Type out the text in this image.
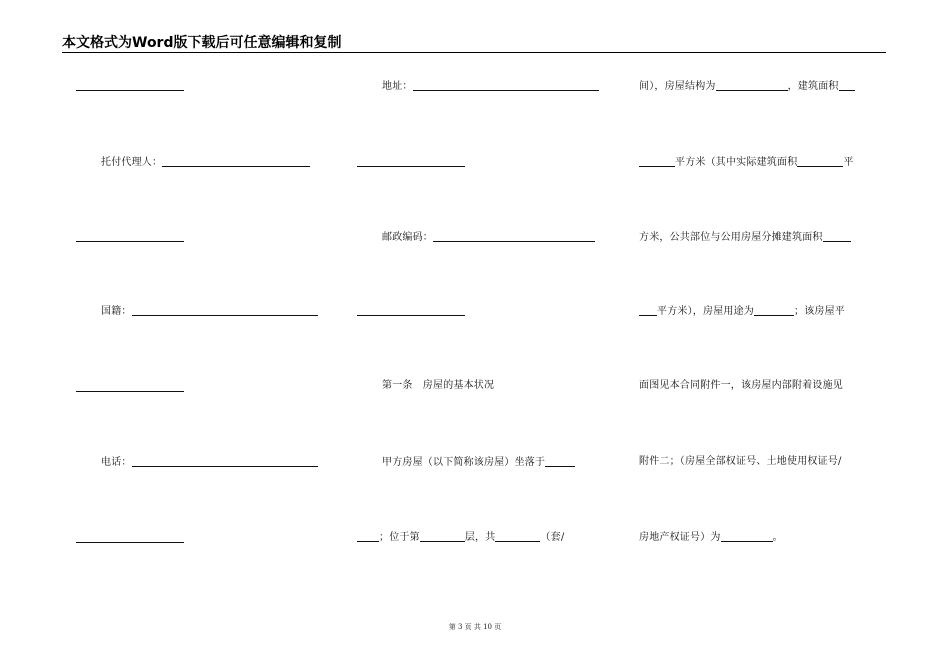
本文格式为Word版下载后可任意编辑和复制
托付代理人：
国籍：
电话：
地址：
邮政编码：
第一条　房屋的基本状况
甲方房屋（以下简称该房屋）坐落于
；位于第	层，共	（套/
间），房屋结构为	，建筑面积
平方米（其中实际建筑面积	平
方米，公共部位与公用房屋分摊建筑面积
平方米），房屋用途为	；该房屋平
面图见本合同附件一，该房屋内部附着设施见
附件二；（房屋全部权证号、土地使用权证号/
房地产权证号）为	。
第 3 页 共 10 页
